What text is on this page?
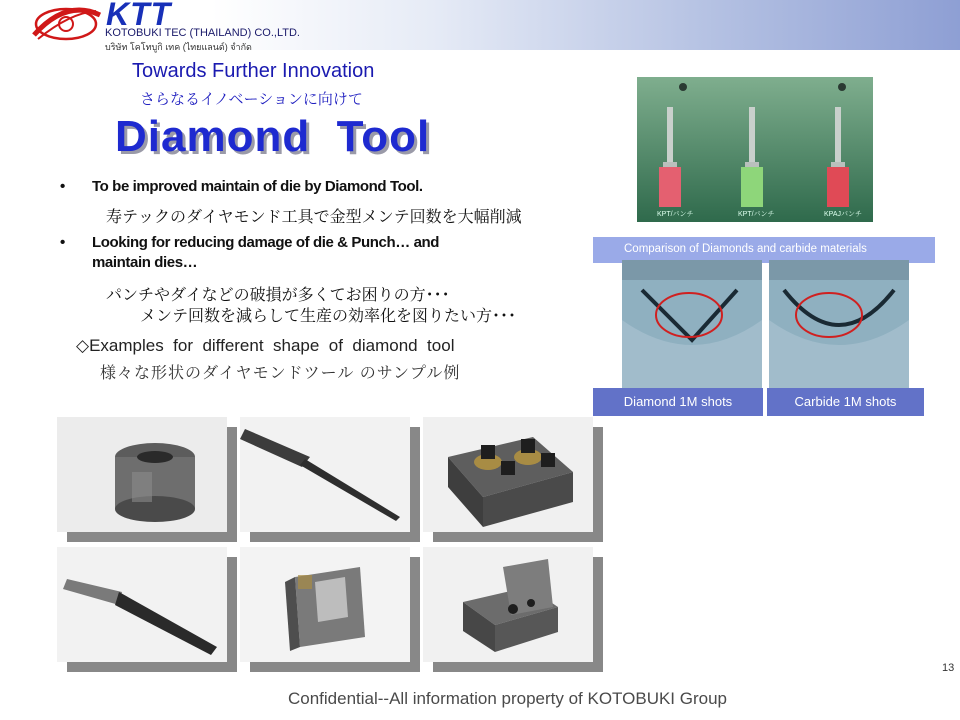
KTT
KOTOBUKI TEC (THAILAND) CO.,LTD.
บริษัท โคโทบูกิ เทค (ไทยแลนด์) จำกัด
Towards Further Innovation
さらなるイノベーションに向けて
Diamond  Tool
• To be improved maintain of die by Diamond Tool.
寿テックのダイヤモンド工具で金型メンテ回数を大幅削減
• Looking for reducing damage of die & Punch… and
maintain dies…
パンチやダイなどの破損が多くてお困りの方･･･
メンテ回数を減らして生産の効率化を図りたい方･･･
◇Examples  for  different  shape  of  diamond  tool
様々な形状のダイヤモンドツール のサンプル例
KPT/パンチ	KPT/パンチ	KPAJパンチ
Comparison of Diamonds and carbide materials
Diamond 1M shots	Carbide 1M shots
13
Confidential--All information property of KOTOBUKI Group
